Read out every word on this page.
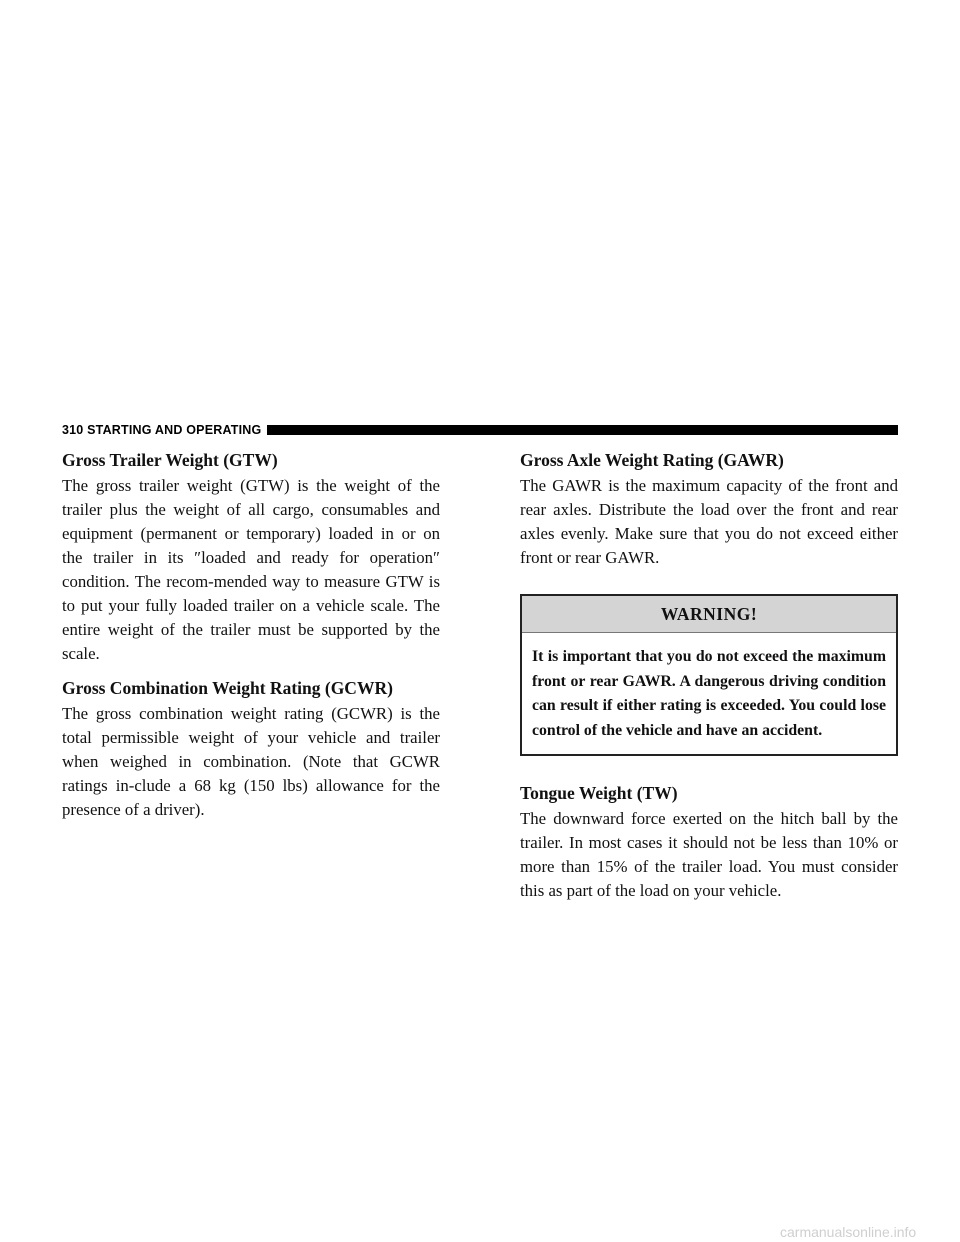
310 STARTING AND OPERATING
Gross Trailer Weight (GTW)

The gross trailer weight (GTW) is the weight of the trailer plus the weight of all cargo, consumables and equipment (permanent or temporary) loaded in or on the trailer in its ″loaded and ready for operation″ condition. The recom-mended way to measure GTW is to put your fully loaded trailer on a vehicle scale. The entire weight of the trailer must be supported by the scale.

Gross Combination Weight Rating (GCWR)

The gross combination weight rating (GCWR) is the total permissible weight of your vehicle and trailer when weighed in combination. (Note that GCWR ratings in-clude a 68 kg (150 lbs) allowance for the presence of a driver).

Gross Axle Weight Rating (GAWR)

The GAWR is the maximum capacity of the front and rear axles. Distribute the load over the front and rear axles evenly. Make sure that you do not exceed either front or rear GAWR.

WARNING!
It is important that you do not exceed the maximum front or rear GAWR. A dangerous driving condition can result if either rating is exceeded. You could lose control of the vehicle and have an accident.
Tongue Weight (TW)

The downward force exerted on the hitch ball by the trailer. In most cases it should not be less than 10% or more than 15% of the trailer load. You must consider this as part of the load on your vehicle.

carmanualsonline.info
